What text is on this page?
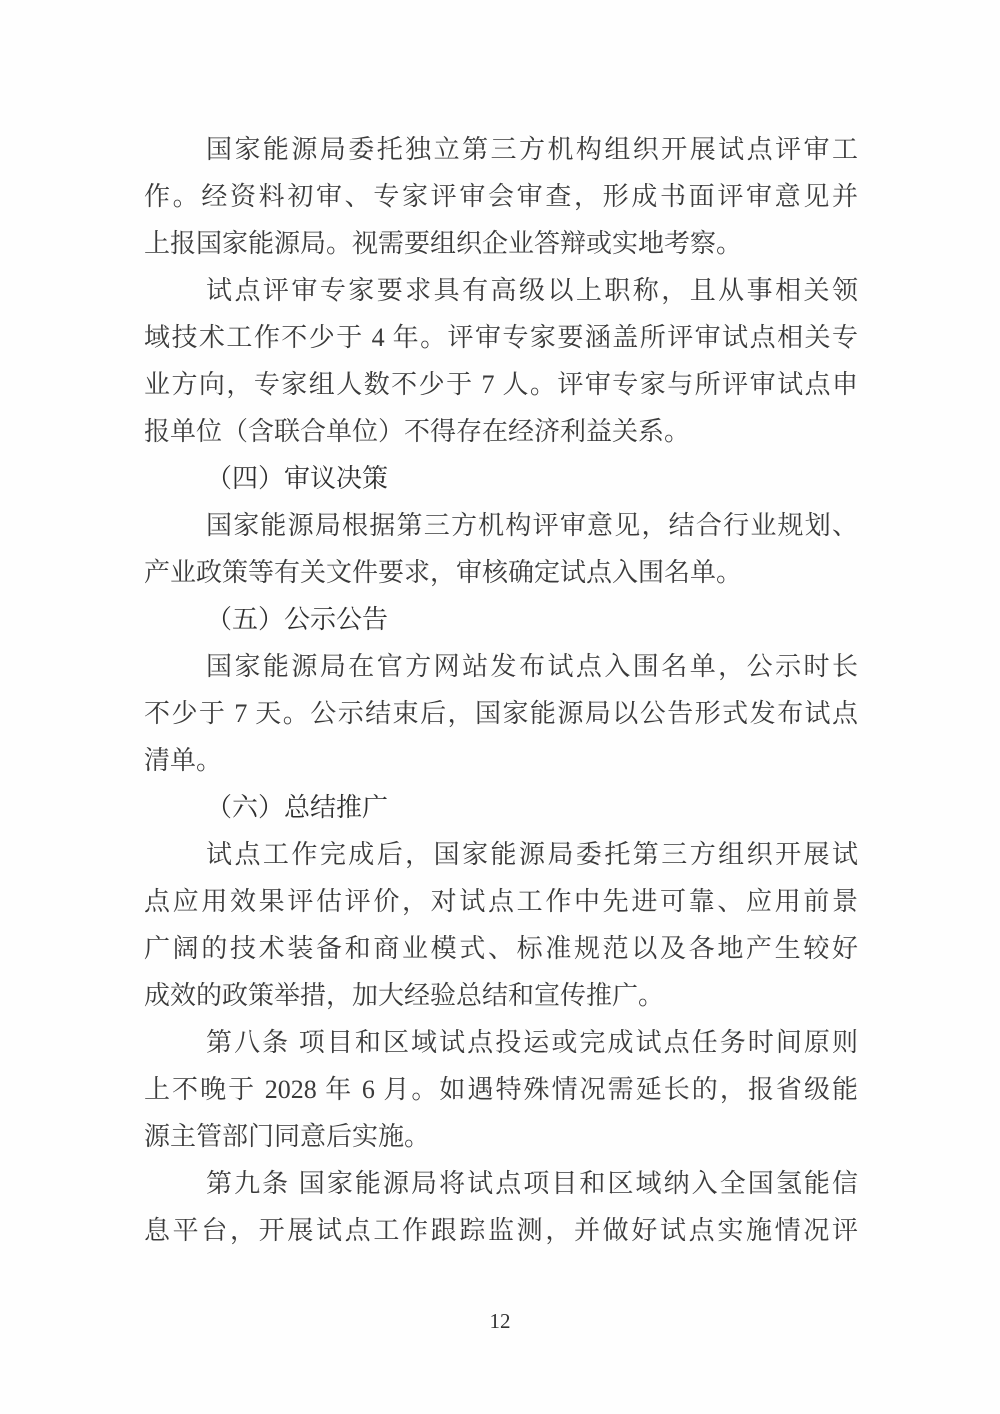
国家能源局委托独立第三方机构组织开展试点评审工
作。经资料初审、专家评审会审查，形成书面评审意见并
上报国家能源局。视需要组织企业答辩或实地考察。
试点评审专家要求具有高级以上职称，且从事相关领
域技术工作不少于 4 年。评审专家要涵盖所评审试点相关专
业方向，专家组人数不少于 7 人。评审专家与所评审试点申
报单位（含联合单位）不得存在经济利益关系。
（四）审议决策
国家能源局根据第三方机构评审意见，结合行业规划、
产业政策等有关文件要求，审核确定试点入围名单。
（五）公示公告
国家能源局在官方网站发布试点入围名单，公示时长
不少于 7 天。公示结束后，国家能源局以公告形式发布试点
清单。
（六）总结推广
试点工作完成后，国家能源局委托第三方组织开展试
点应用效果评估评价，对试点工作中先进可靠、应用前景
广阔的技术装备和商业模式、标准规范以及各地产生较好
成效的政策举措，加大经验总结和宣传推广。
第八条 项目和区域试点投运或完成试点任务时间原则
上不晚于 2028 年 6 月。如遇特殊情况需延长的，报省级能
源主管部门同意后实施。
第九条 国家能源局将试点项目和区域纳入全国氢能信
息平台，开展试点工作跟踪监测，并做好试点实施情况评
12
